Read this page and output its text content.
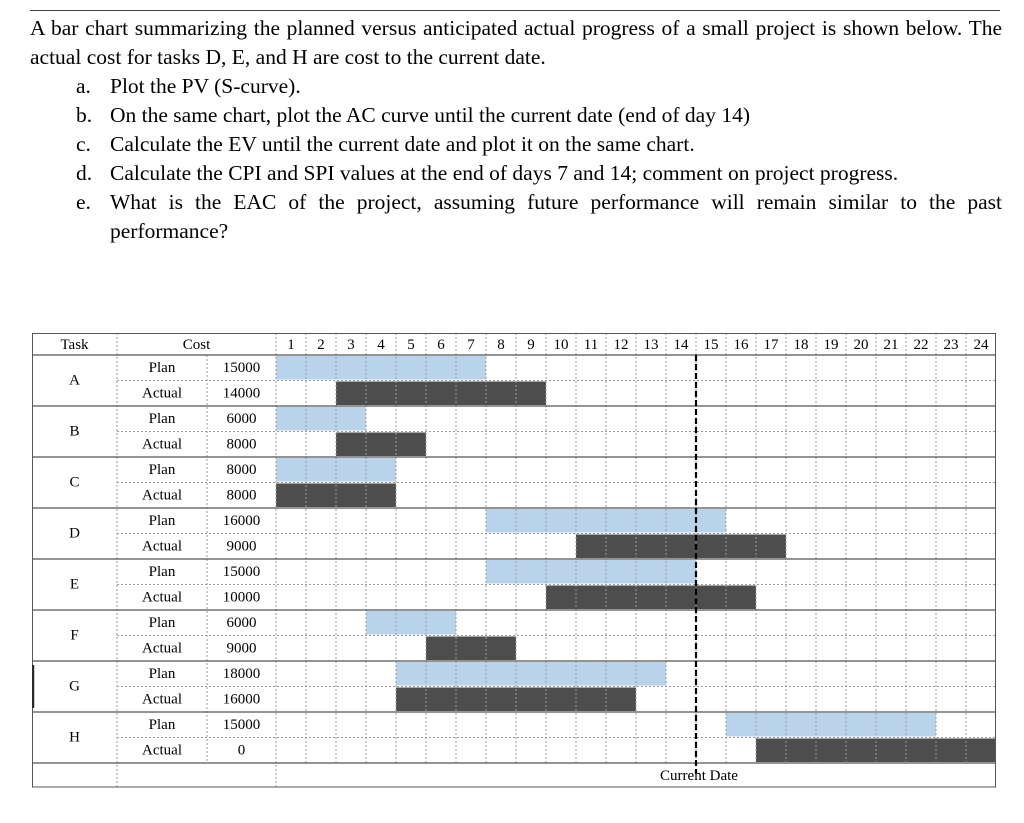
A bar chart summarizing the planned versus anticipated actual progress of a small project is shown below. The actual cost for tasks D, E, and H are cost to the current date.

a. Plot the PV (S-curve).
b. On the same chart, plot the AC curve until the current date (end of day 14)
c. Calculate the EV until the current date and plot it on the same chart.
d. Calculate the CPI and SPI values at the end of days 7 and 14; comment on project progress.
e. What is the EAC of the project, assuming future performance will remain similar to the past performance?
Task	Cost	1 2 3 4 5 6 7 8 9 10 11 12 13 14 15 16 17 18 19 20 21 22 23 24
A
Plan
Actual
15000
14000
B
Plan
Actual
6000
8000
C
Plan
Actual
8000
8000
D
Plan
Actual
16000
9000
E
Plan
Actual
15000
10000
F
Plan
Actual
6000
9000
G
Plan
Actual
18000
16000
H
Plan
Actual
15000
0
Current Date
